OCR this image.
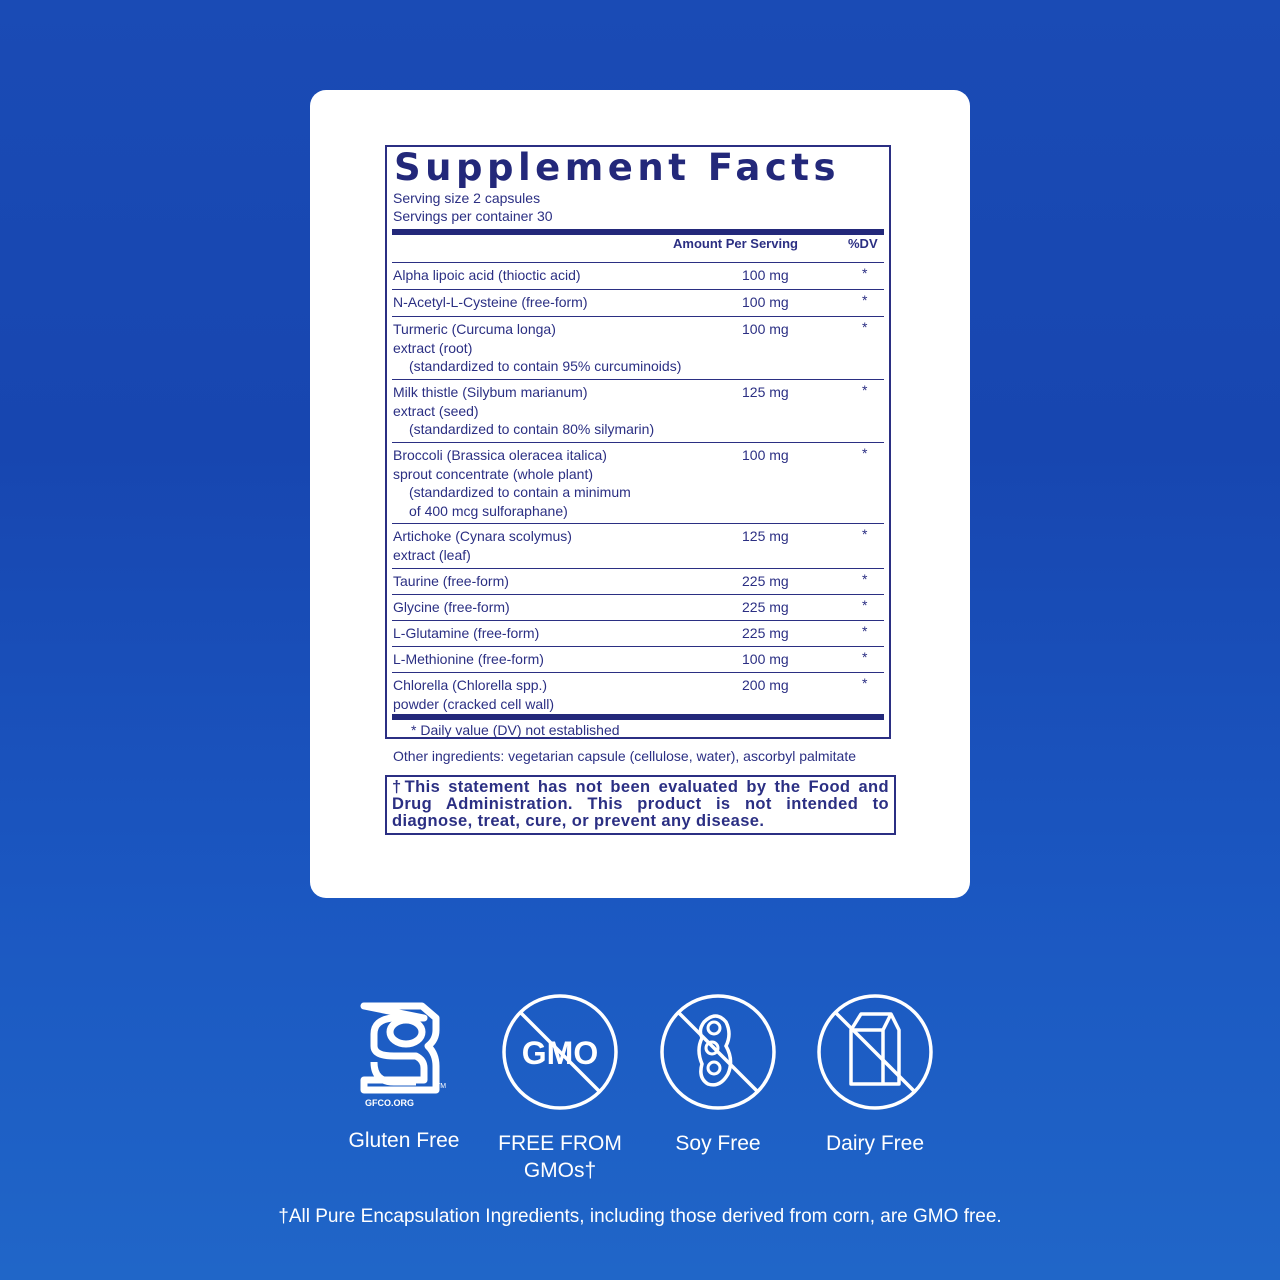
Supplement Facts
Serving size 2 capsules
Servings per container 30
Amount Per Serving	%DV
Alpha lipoic acid (thioctic acid)	100 mg	*
N-Acetyl-L-Cysteine (free-form)	100 mg	*
Turmeric (Curcuma longa)
extract (root)
(standardized to contain 95% curcuminoids)
100 mg	*
Milk thistle (Silybum marianum)
extract (seed)
(standardized to contain 80% silymarin)
125 mg	*
Broccoli (Brassica oleracea italica)
sprout concentrate (whole plant)
(standardized to contain a minimum
of 400 mcg sulforaphane)
100 mg	*
Artichoke (Cynara scolymus)
extract (leaf)
125 mg	*
Taurine (free-form)	225 mg	*
Glycine (free-form)	225 mg	*
L-Glutamine (free-form)	225 mg	*
L-Methionine (free-form)	100 mg	*
Chlorella (Chlorella spp.)
powder (cracked cell wall)
200 mg	*
* Daily value (DV) not established
Other ingredients: vegetarian capsule (cellulose, water), ascorbyl palmitate
†This statement has not been evaluated by the Food and Drug Administration. This product is not intended to diagnose, treat, cure, or prevent any disease.
GFCO.ORG
TM
Gluten Free
GMO
FREE FROM
GMOs†
Soy Free	Dairy Free
†All Pure Encapsulation Ingredients, including those derived from corn, are GMO free.
